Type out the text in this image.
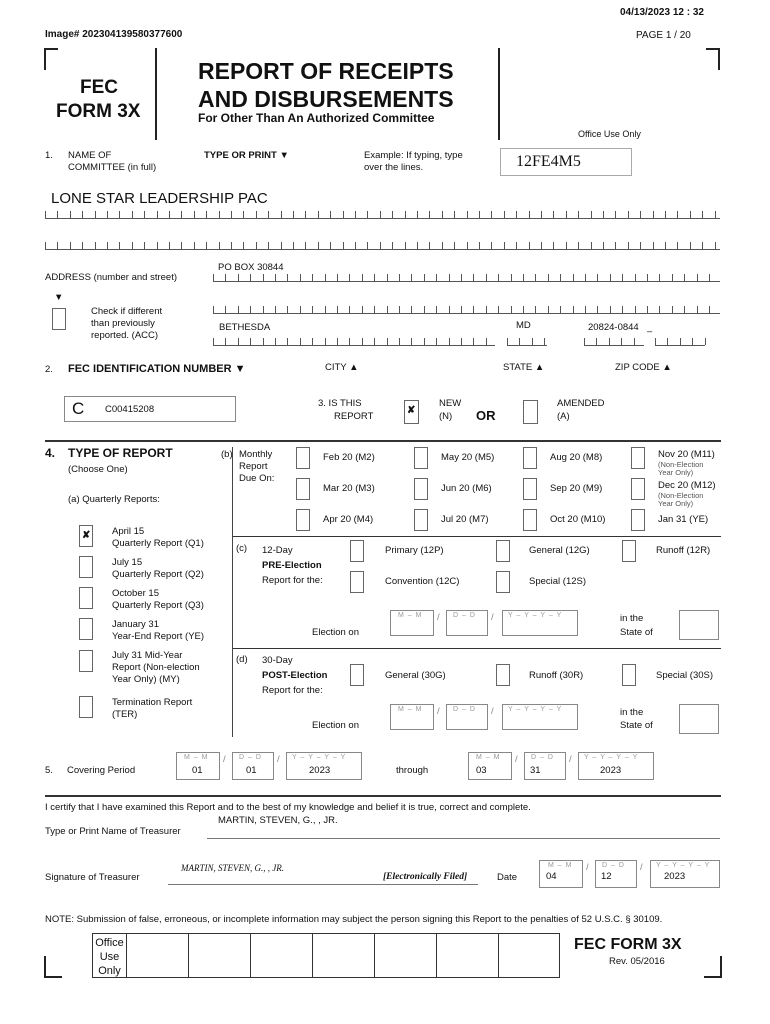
04/13/2023 12 : 32
Image# 202304139580377600	PAGE 1 / 20
FEC
FORM 3X
REPORT OF RECEIPTS
AND DISBURSEMENTS
For Other Than An Authorized Committee
Office Use Only
1. NAME OF
COMMITTEE (in full)
TYPE OR PRINT ▼	Example: If typing, type
over the lines.	12FE4M5
LONE STAR LEADERSHIP PAC
PO BOX 30844
ADDRESS (number and street)
▼
Check if different
than previously
reported. (ACC)
BETHESDA	MD	20824-0844 –
CITY ▲	STATE ▲	ZIP CODE ▲
2. FEC IDENTIFICATION NUMBER ▼
C C00415208
3. IS THIS
REPORT
✘
NEW
(N) OR
AMENDED
(A)
4. TYPE OF REPORT
(Choose One)
(a) Quarterly Reports:
✘ April 15
Quarterly Report (Q1)
July 15
Quarterly Report (Q2)
October 15
Quarterly Report (Q3)
January 31
Year-End Report (YE)
July 31 Mid-Year
Report (Non-election
Year Only) (MY)
Termination Report
(TER)
(b) Monthly
Report
Due On:
Feb 20 (M2)	May 20 (M5)	Aug 20 (M8)	Nov 20 (M11)
(Non-Election
Year Only)
Mar 20 (M3)	Jun 20 (M6)	Sep 20 (M9)	Dec 20 (M12)
(Non-Election
Year Only)
Apr 20 (M4)	Jul 20 (M7)	Oct 20 (M10)	Jan 31 (YE)
(c) 12-Day
PRE-Election
Report for the:
Primary (12P)	General (12G)	Runoff (12R)
Convention (12C)	Special (12S)
M – M / D – D / Y – Y – Y – Y
Election on
in the
State of
(d) 30-Day
POST-Election
Report for the:
General (30G)	Runoff (30R)	Special (30S)
M – M / D – D / Y – Y – Y – Y
Election on
in the
State of
5. Covering Period
M – M
01
/ D – D
01
/ Y – Y – Y – Y
2023	through
M – M
03
/ D – D
31
/ Y – Y – Y – Y
2023
I certify that I have examined this Report and to the best of my knowledge and belief it is true, correct and complete.
MARTIN, STEVEN, G., , JR.
Type or Print Name of Treasurer
Signature of Treasurer
MARTIN, STEVEN, G., , JR.
[Electronically Filed]	Date
M – M
04
/ D – D
12
/ Y – Y – Y – Y
2023
NOTE: Submission of false, erroneous, or incomplete information may subject the person signing this Report to the penalties of 52 U.S.C. § 30109.
Office
Use
Only
FEC FORM 3X
Rev. 05/2016
